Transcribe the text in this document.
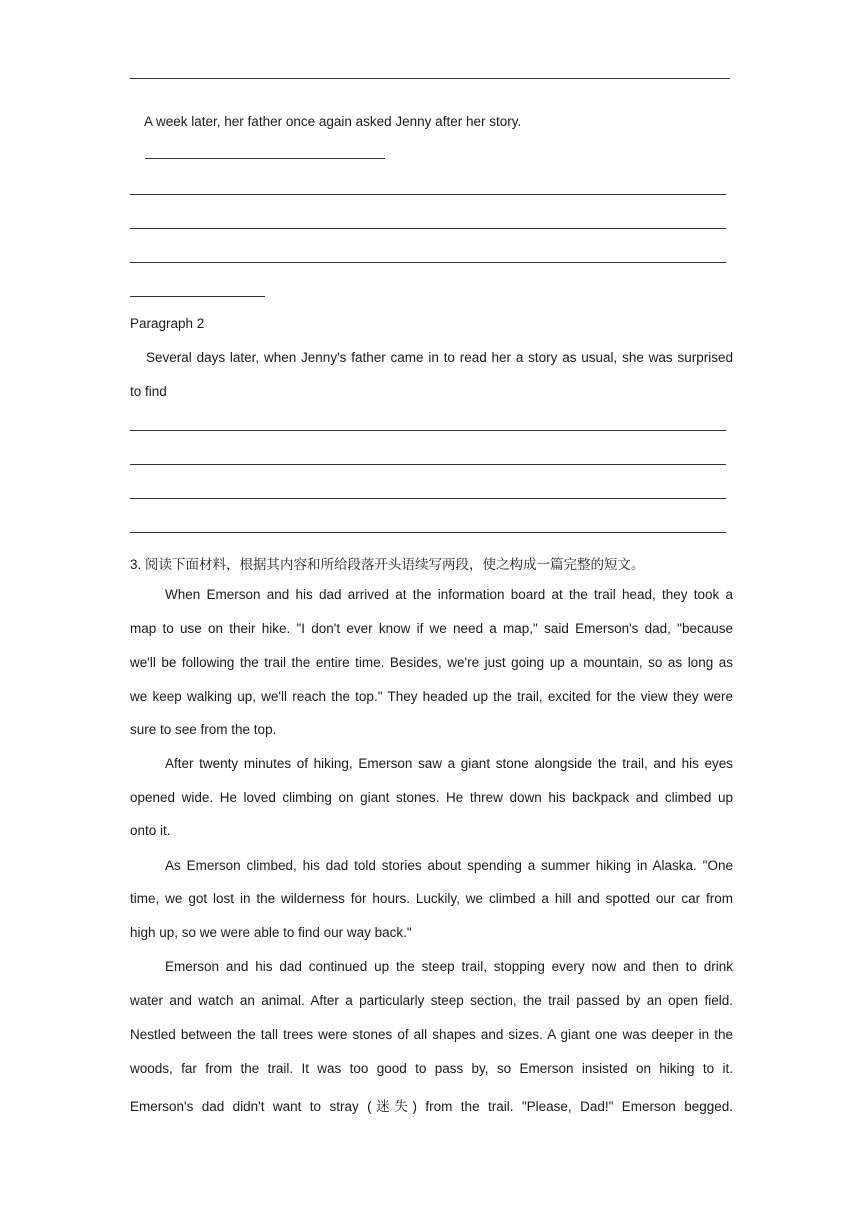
A week later, her father once again asked Jenny after her story.
Paragraph 2
Several days later, when Jenny's father came in to read her a story as usual, she was surprised
to find
3. 阅读下面材料，根据其内容和所给段落开头语续写两段，使之构成一篇完整的短文。
When Emerson and his dad arrived at the information board at the trail head, they took a
map to use on their hike. "I don't ever know if we need a map," said Emerson's dad, "because
we'll be following the trail the entire time. Besides, we're just going up a mountain, so as long as
we keep walking up, we'll reach the top." They headed up the trail, excited for the view they were
sure to see from the top.
After twenty minutes of hiking, Emerson saw a giant stone alongside the trail, and his eyes
opened wide. He loved climbing on giant stones. He threw down his backpack and climbed up
onto it.
As Emerson climbed, his dad told stories about spending a summer hiking in Alaska. "One
time, we got lost in the wilderness for hours. Luckily, we climbed a hill and spotted our car from
high up, so we were able to find our way back."
Emerson and his dad continued up the steep trail, stopping every now and then to drink
water and watch an animal. After a particularly steep section, the trail passed by an open field.
Nestled between the tall trees were stones of all shapes and sizes. A giant one was deeper in the
woods, far from the trail. It was too good to pass by, so Emerson insisted on hiking to it.
Emerson's dad didn't want to stray (迷失) from the trail. "Please, Dad!" Emerson begged.
